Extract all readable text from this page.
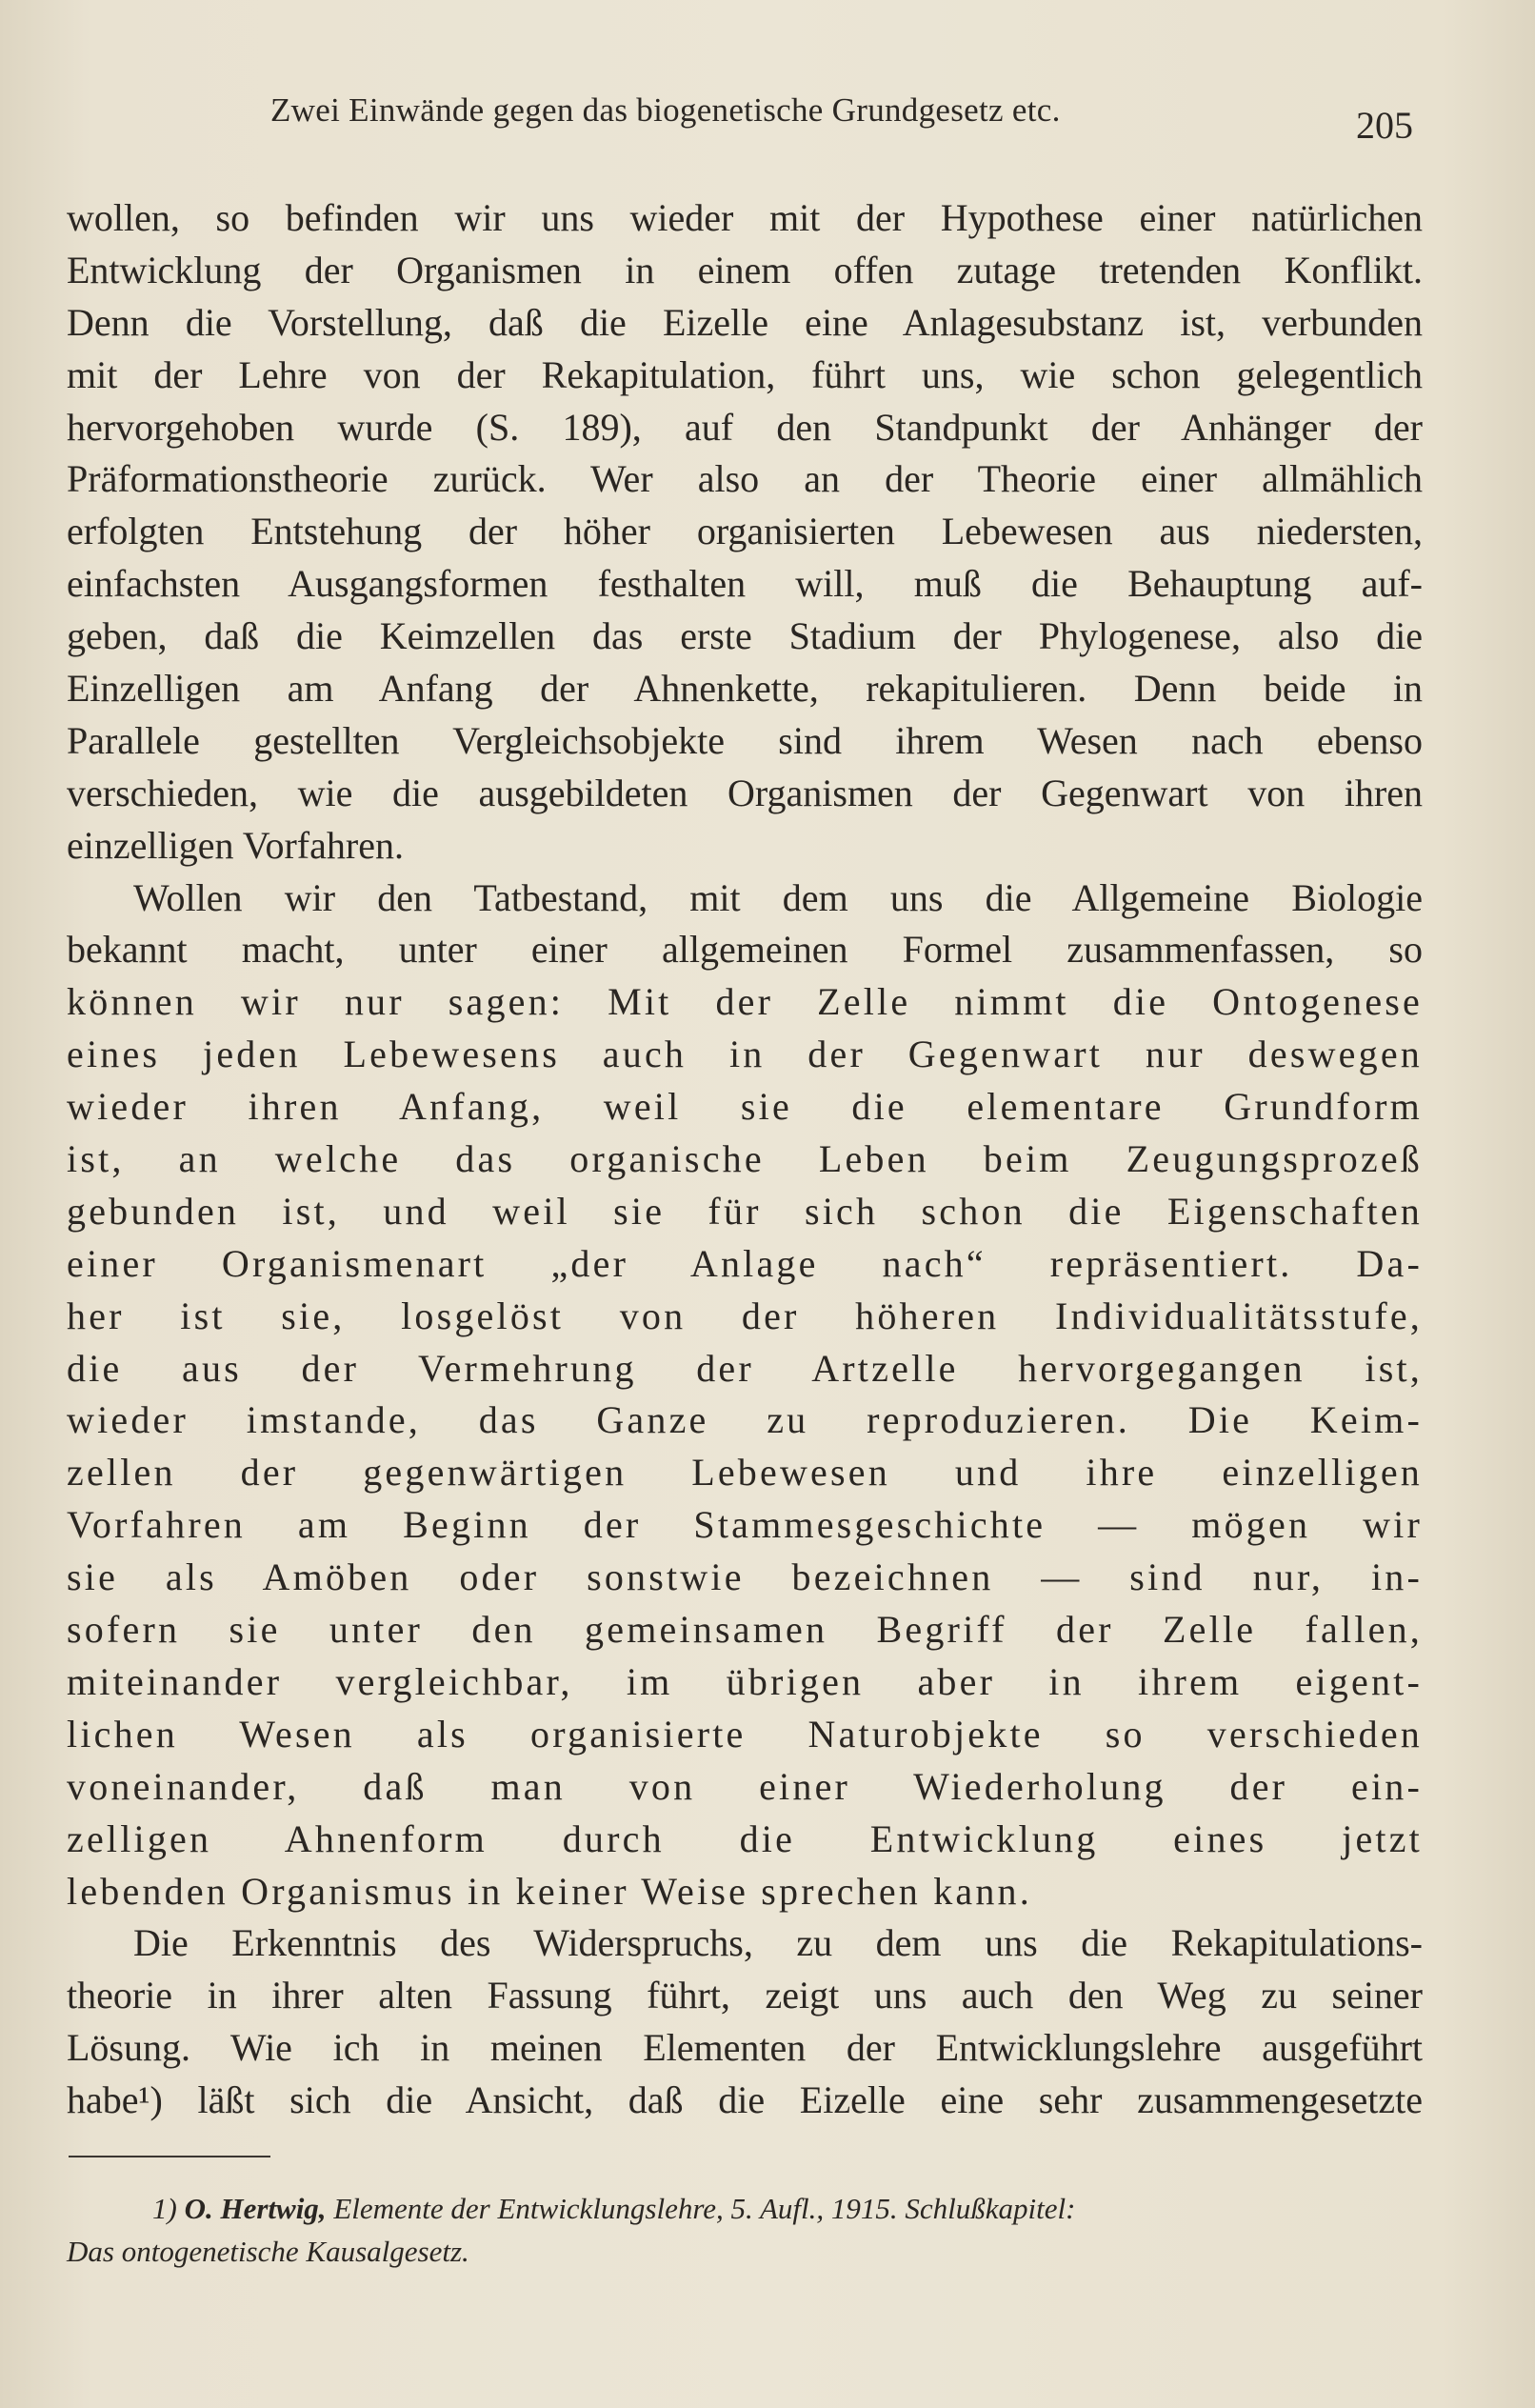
Zwei Einwände gegen das biogenetische Grundgesetz etc.	205
wollen, so befinden wir uns wieder mit der Hypothese einer natürlichen
Entwicklung der Organismen in einem offen zutage tretenden Konflikt.
Denn die Vorstellung, daß die Eizelle eine Anlagesubstanz ist, verbunden
mit der Lehre von der Rekapitulation, führt uns, wie schon gelegentlich
hervorgehoben wurde (S. 189), auf den Standpunkt der Anhänger der
Präformationstheorie zurück. Wer also an der Theorie einer allmählich
erfolgten Entstehung der höher organisierten Lebewesen aus niedersten,
einfachsten Ausgangsformen festhalten will, muß die Behauptung auf-
geben, daß die Keimzellen das erste Stadium der Phylogenese, also die
Einzelligen am Anfang der Ahnenkette, rekapitulieren. Denn beide in
Parallele gestellten Vergleichsobjekte sind ihrem Wesen nach ebenso
verschieden, wie die ausgebildeten Organismen der Gegenwart von ihren
einzelligen Vorfahren.
Wollen wir den Tatbestand, mit dem uns die Allgemeine Biologie
bekannt macht, unter einer allgemeinen Formel zusammenfassen, so
können wir nur sagen: Mit der Zelle nimmt die Ontogenese
eines jeden Lebewesens auch in der Gegenwart nur deswegen
wieder ihren Anfang, weil sie die elementare Grundform
ist, an welche das organische Leben beim Zeugungsprozeß
gebunden ist, und weil sie für sich schon die Eigenschaften
einer Organismenart „der Anlage nach“ repräsentiert. Da-
her ist sie, losgelöst von der höheren Individualitätsstufe,
die aus der Vermehrung der Artzelle hervorgegangen ist,
wieder imstande, das Ganze zu reproduzieren. Die Keim-
zellen der gegenwärtigen Lebewesen und ihre einzelligen
Vorfahren am Beginn der Stammesgeschichte — mögen wir
sie als Amöben oder sonstwie bezeichnen — sind nur, in-
sofern sie unter den gemeinsamen Begriff der Zelle fallen,
miteinander vergleichbar, im übrigen aber in ihrem eigent-
lichen Wesen als organisierte Naturobjekte so verschieden
voneinander, daß man von einer Wiederholung der ein-
zelligen Ahnenform durch die Entwicklung eines jetzt
lebenden Organismus in keiner Weise sprechen kann.
Die Erkenntnis des Widerspruchs, zu dem uns die Rekapitulations-
theorie in ihrer alten Fassung führt, zeigt uns auch den Weg zu seiner
Lösung. Wie ich in meinen Elementen der Entwicklungslehre ausgeführt
habe¹) läßt sich die Ansicht, daß die Eizelle eine sehr zusammengesetzte
1) O. Hertwig, Elemente der Entwicklungslehre, 5. Aufl., 1915. Schlußkapitel:
Das ontogenetische Kausalgesetz.
